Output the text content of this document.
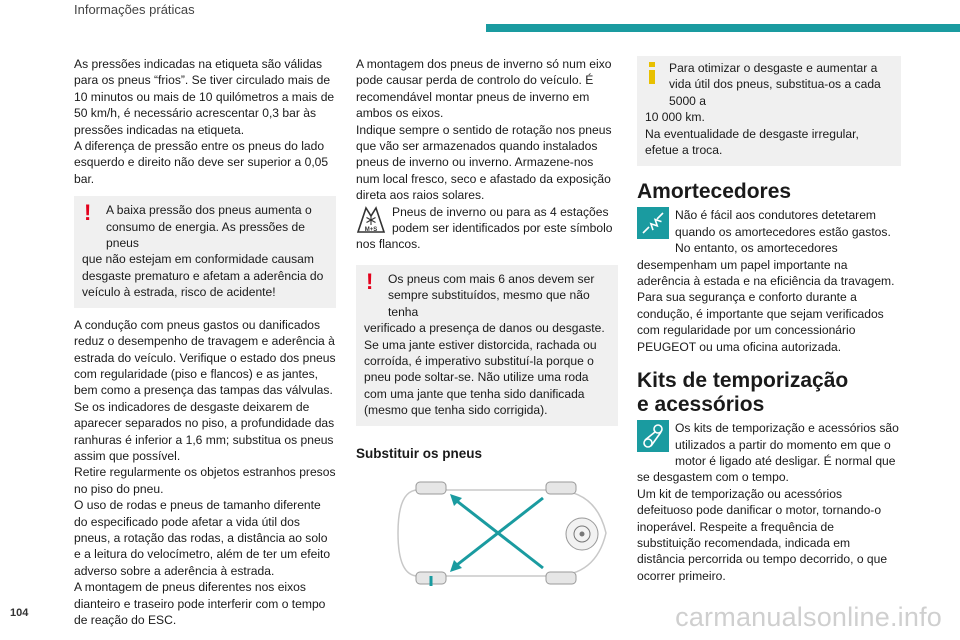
Informações práticas

As pressões indicadas na etiqueta são válidas para os pneus “frios”. Se tiver circulado mais de 10 minutos ou mais de 10 quilómetros a mais de 50 km/h, é necessário acrescentar 0,3 bar às pressões indicadas na etiqueta.

A diferença de pressão entre os pneus do lado esquerdo e direito não deve ser superior a 0,05 bar.

!	A baixa pressão dos pneus aumenta o consumo de energia. As pressões de pneus
que não estejam em conformidade causam desgaste prematuro e afetam a aderência do veículo à estrada, risco de acidente!

A condução com pneus gastos ou danificados reduz o desempenho de travagem e aderência à estrada do veículo. Verifique o estado dos pneus com regularidade (piso e flancos) e as jantes, bem como a presença das tampas das válvulas.

Se os indicadores de desgaste deixarem de aparecer separados no piso, a profundidade das ranhuras é inferior a 1,6 mm; substitua os pneus assim que possível.

Retire regularmente os objetos estranhos presos no piso do pneu.

O uso de rodas e pneus de tamanho diferente do especificado pode afetar a vida útil dos pneus, a rotação das rodas, a distância ao solo e a leitura do velocímetro, além de ter um efeito adverso sobre a aderência à estrada.

A montagem de pneus diferentes nos eixos dianteiro e traseiro pode interferir com o tempo de reação do ESC.

A montagem dos pneus de inverno só num eixo pode causar perda de controlo do veículo. É recomendável montar pneus de inverno em ambos os eixos.

Indique sempre o sentido de rotação nos pneus que vão ser armazenados quando instalados pneus de inverno ou inverno. Armazene-nos num local fresco, seco e afastado da exposição direta aos raios solares.

M+S
Pneus de inverno ou para as 4 estações podem ser identificados por este símbolo nos flancos.
!	Os pneus com mais 6 anos devem ser sempre substituídos, mesmo que não tenha
verificado a presença de danos ou desgaste.
Se uma jante estiver distorcida, rachada ou corroída, é imperativo substituí-la porque o pneu pode soltar-se. Não utilize uma roda com uma jante que tenha sido danificada (mesmo que tenha sido corrigida).
Substituir os pneus
Para otimizar o desgaste e aumentar a vida útil dos pneus, substitua-os a cada 5000 a
10 000 km.
Na eventualidade de desgaste irregular, efetue a troca.
Amortecedores
Não é fácil aos condutores detetarem quando os amortecedores estão gastos. No entanto, os amortecedores desempenham um papel importante na aderência à estada e na eficiência da travagem.

Para sua segurança e conforto durante a condução, é importante que sejam verificados com regularidade por um concessionário PEUGEOT ou uma oficina autorizada.

Kits de temporização e acessórios
Os kits de temporização e acessórios são utilizados a partir do momento em que o motor é ligado até desligar. É normal que se desgastem com o tempo.

Um kit de temporização ou acessórios defeituoso pode danificar o motor, tornando-o inoperável. Respeite a frequência de substituição recomendada, indicada em distância percorrida ou tempo decorrido, o que ocorrer primeiro.

104	carmanualsonline.info
